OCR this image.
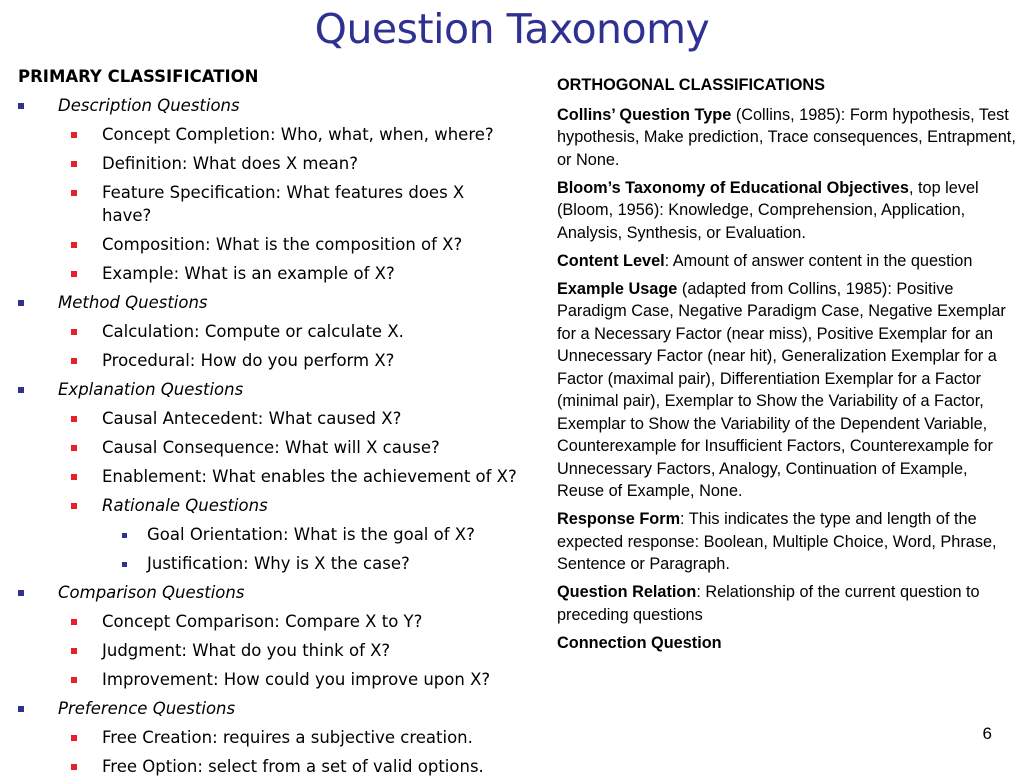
Question Taxonomy
PRIMARY CLASSIFICATION
Description Questions
Concept Completion: Who, what, when, where?
Definition: What does X mean?
Feature Specification: What features does X have?
Composition: What is the composition of X?
Example: What is an example of X?
Method Questions
Calculation: Compute or calculate X.
Procedural: How do you perform X?
Explanation Questions
Causal Antecedent: What caused X?
Causal Consequence: What will X cause?
Enablement: What enables the achievement of X?
Rationale Questions
Goal Orientation: What is the goal of X?
Justification: Why is X the case?
Comparison Questions
Concept Comparison: Compare X to Y?
Judgment: What do you think of X?
Improvement: How could you improve upon X?
Preference Questions
Free Creation: requires a subjective creation.
Free Option: select from a set of valid options.
ORTHOGONAL CLASSIFICATIONS
Collins’ Question Type (Collins, 1985): Form hypothesis, Test hypothesis, Make prediction, Trace consequences, Entrapment, or None.
Bloom’s Taxonomy of Educational Objectives, top level (Bloom, 1956): Knowledge, Comprehension, Application, Analysis, Synthesis, or Evaluation.
Content Level: Amount of answer content in the question
Example Usage (adapted from Collins, 1985): Positive Paradigm Case, Negative Paradigm Case, Negative Exemplar for a Necessary Factor (near miss), Positive Exemplar for an Unnecessary Factor (near hit), Generalization Exemplar for a Factor (maximal pair), Differentiation Exemplar for a Factor (minimal pair), Exemplar to Show the Variability of a Factor, Exemplar to Show the Variability of the Dependent Variable, Counterexample for Insufficient Factors, Counterexample for Unnecessary Factors, Analogy, Continuation of Example, Reuse of Example, None.
Response Form: This indicates the type and length of the expected response: Boolean, Multiple Choice, Word, Phrase, Sentence or Paragraph.
Question Relation: Relationship of the current question to preceding questions
Connection Question
6
